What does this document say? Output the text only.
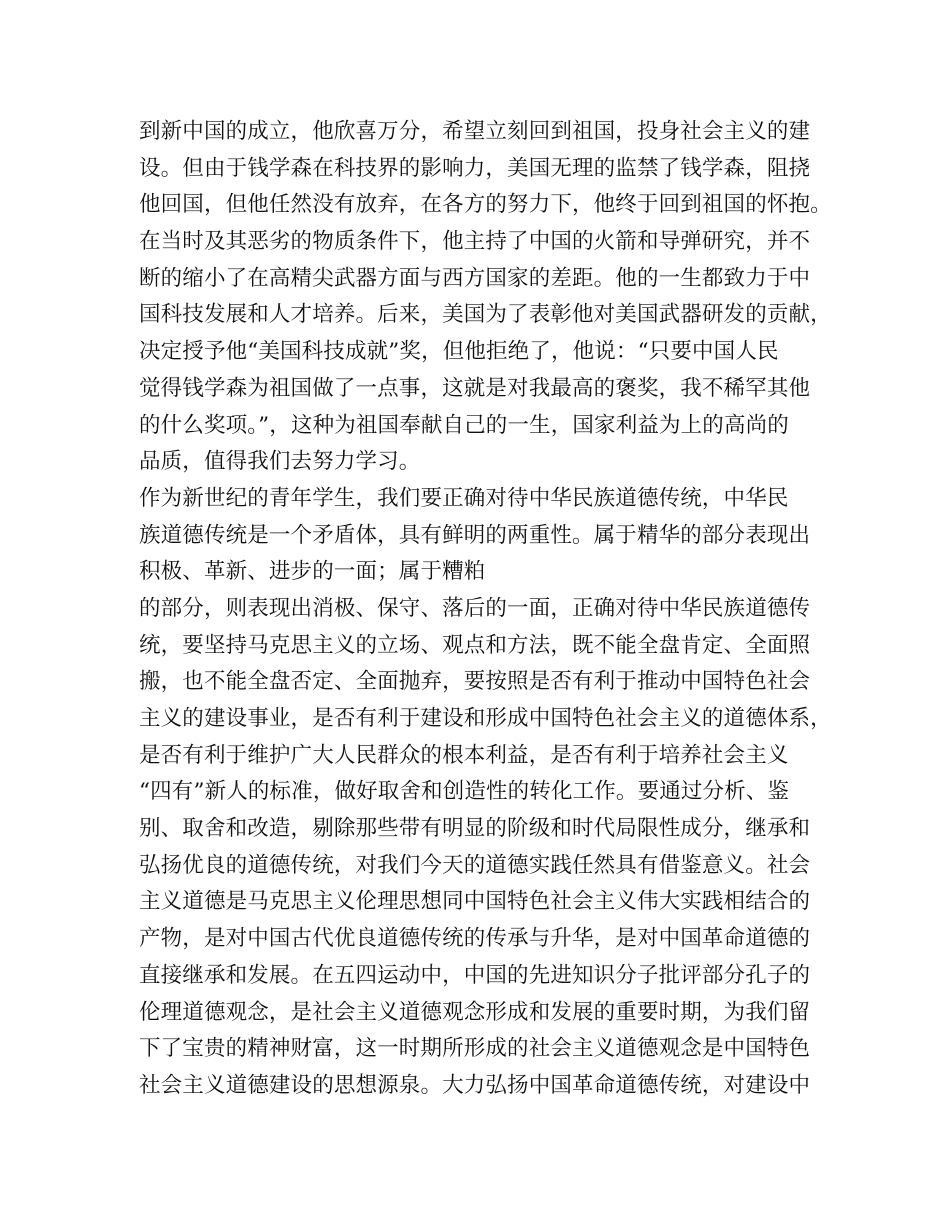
到新中国的成立，他欣喜万分，希望立刻回到祖国，投身社会主义的建
设。但由于钱学森在科技界的影响力，美国无理的监禁了钱学森，阻挠
他回国，但他任然没有放弃，在各方的努力下，他终于回到祖国的怀抱。
在当时及其恶劣的物质条件下，他主持了中国的火箭和导弹研究，并不
断的缩小了在高精尖武器方面与西方国家的差距。他的一生都致力于中
国科技发展和人才培养。后来，美国为了表彰他对美国武器研发的贡献，
决定授予他“美国科技成就”奖，但他拒绝了，他说：“只要中国人民
觉得钱学森为祖国做了一点事，这就是对我最高的褒奖，我不稀罕其他
的什么奖项。”，这种为祖国奉献自己的一生，国家利益为上的高尚的
品质，值得我们去努力学习。
作为新世纪的青年学生，我们要正确对待中华民族道德传统，中华民
族道德传统是一个矛盾体，具有鲜明的两重性。属于精华的部分表现出
积极、革新、进步的一面；属于糟粕
的部分，则表现出消极、保守、落后的一面，正确对待中华民族道德传
统，要坚持马克思主义的立场、观点和方法，既不能全盘肯定、全面照
搬，也不能全盘否定、全面抛弃，要按照是否有利于推动中国特色社会
主义的建设事业，是否有利于建设和形成中国特色社会主义的道德体系，
是否有利于维护广大人民群众的根本利益，是否有利于培养社会主义
“四有”新人的标准，做好取舍和创造性的转化工作。要通过分析、鉴
别、取舍和改造，剔除那些带有明显的阶级和时代局限性成分，继承和
弘扬优良的道德传统，对我们今天的道德实践任然具有借鉴意义。社会
主义道德是马克思主义伦理思想同中国特色社会主义伟大实践相结合的
产物，是对中国古代优良道德传统的传承与升华，是对中国革命道德的
直接继承和发展。在五四运动中，中国的先进知识分子批评部分孔子的
伦理道德观念，是社会主义道德观念形成和发展的重要时期，为我们留
下了宝贵的精神财富，这一时期所形成的社会主义道德观念是中国特色
社会主义道德建设的思想源泉。大力弘扬中国革命道德传统，对建设中
